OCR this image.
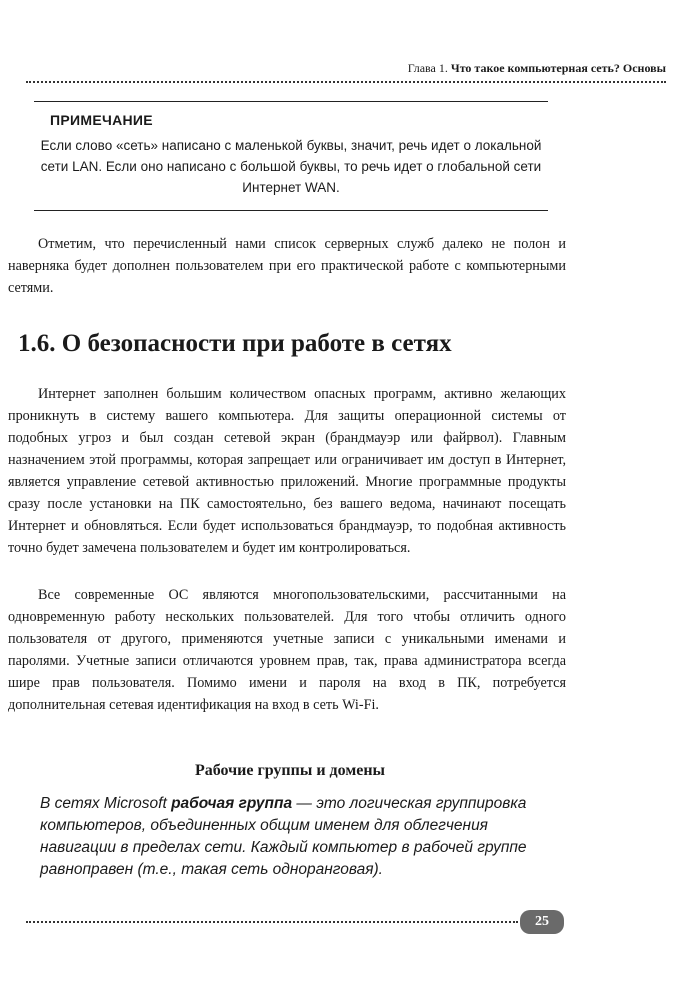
Глава 1. Что такое компьютерная сеть? Основы
ПРИМЕЧАНИЕ
Если слово «сеть» написано с маленькой буквы, значит, речь идет о локальной сети LAN. Если оно написано с большой буквы, то речь идет о глобальной сети Интернет WAN.

Отметим, что перечисленный нами список серверных служб далеко не полон и наверняка будет дополнен пользователем при его практической работе с компьютерными сетями.

1.6. О безопасности при работе в сетях

Интернет заполнен большим количеством опасных программ, активно желающих проникнуть в систему вашего компьютера. Для защиты операционной системы от подобных угроз и был создан сетевой экран (брандмауэр или файрвол). Главным назначением этой программы, которая запрещает или ограничивает им доступ в Интернет, является управление сетевой активностью приложений. Многие программные продукты сразу после установки на ПК самостоятельно, без вашего ведома, начинают посещать Интернет и обновляться. Если будет использоваться брандмауэр, то подобная активность точно будет замечена пользователем и будет им контролироваться.

Все современные ОС являются многопользовательскими, рассчитанными на одновременную работу нескольких пользователей. Для того чтобы отличить одного пользователя от другого, применяются учетные записи с уникальными именами и паролями. Учетные записи отличаются уровнем прав, так, права администратора всегда шире прав пользователя. Помимо имени и пароля на вход в ПК, потребуется дополнительная сетевая идентификация на вход в сеть Wi-Fi.

Рабочие группы и домены

В сетях Microsoft рабочая группа — это логическая группировка компьютеров, объединенных общим именем для облегчения навигации в пределах сети. Каждый компьютер в рабочей группе равноправен (т.е., такая сеть одноранговая).

25
